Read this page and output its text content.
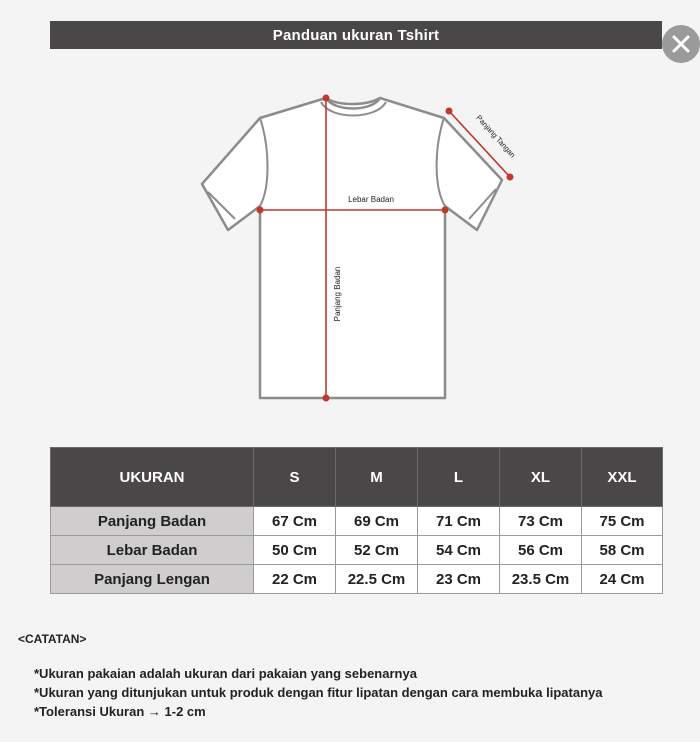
Panduan ukuran Tshirt
Lebar Badan
Panjang Badan
Panjang Tangan
UKURAN	S	M	L	XL	XXL
Panjang Badan	67 Cm	69 Cm	71 Cm	73 Cm	75 Cm
Lebar Badan	50 Cm	52 Cm	54 Cm	56 Cm	58 Cm
Panjang Lengan	22 Cm	22.5 Cm	23 Cm	23.5 Cm	24 Cm
<CATATAN>
*Ukuran pakaian adalah ukuran dari pakaian yang sebenarnya
*Ukuran yang ditunjukan untuk produk dengan fitur lipatan dengan cara membuka lipatanya
*Toleransi Ukuran → 1-2 cm
